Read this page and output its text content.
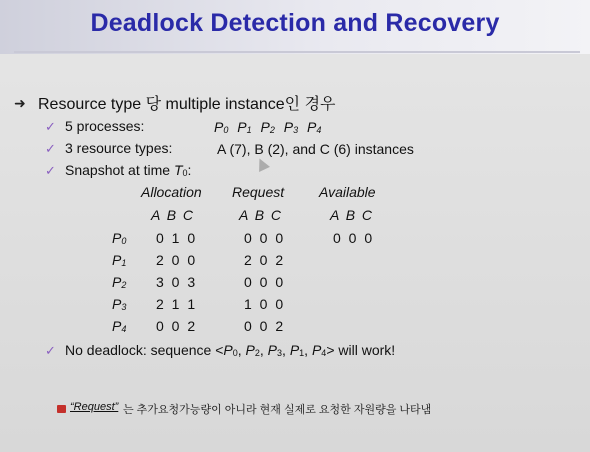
Deadlock Detection and Recovery
➜ Resource type 당 multiple instance인 경우
✓ 5 processes:	$P_0$ $P_1$ $P_2$ $P_3$ $P_4$
✓ 3 resource types:	A (7), B (2), and C (6) instances
✓ Snapshot at time $T_0$:
Allocation Request Available
A B C	A B C	A B C
$P_0$ 0 1 0	0 0 0	0 0 0
$P_1$ 2 0 0	2 0 2
$P_2$ 3 0 3	0 0 0
$P_3$ 2 1 1	1 0 0
$P_4$ 0 0 2	0 0 2
✓ No deadlock: sequence $<P_0$, $P_2$, $P_3$, $P_1$, $P_4>$ will work!
“Request” 는 추가요청가능량이 아니라 현재 실제로 요청한 자원량을 나타냄
